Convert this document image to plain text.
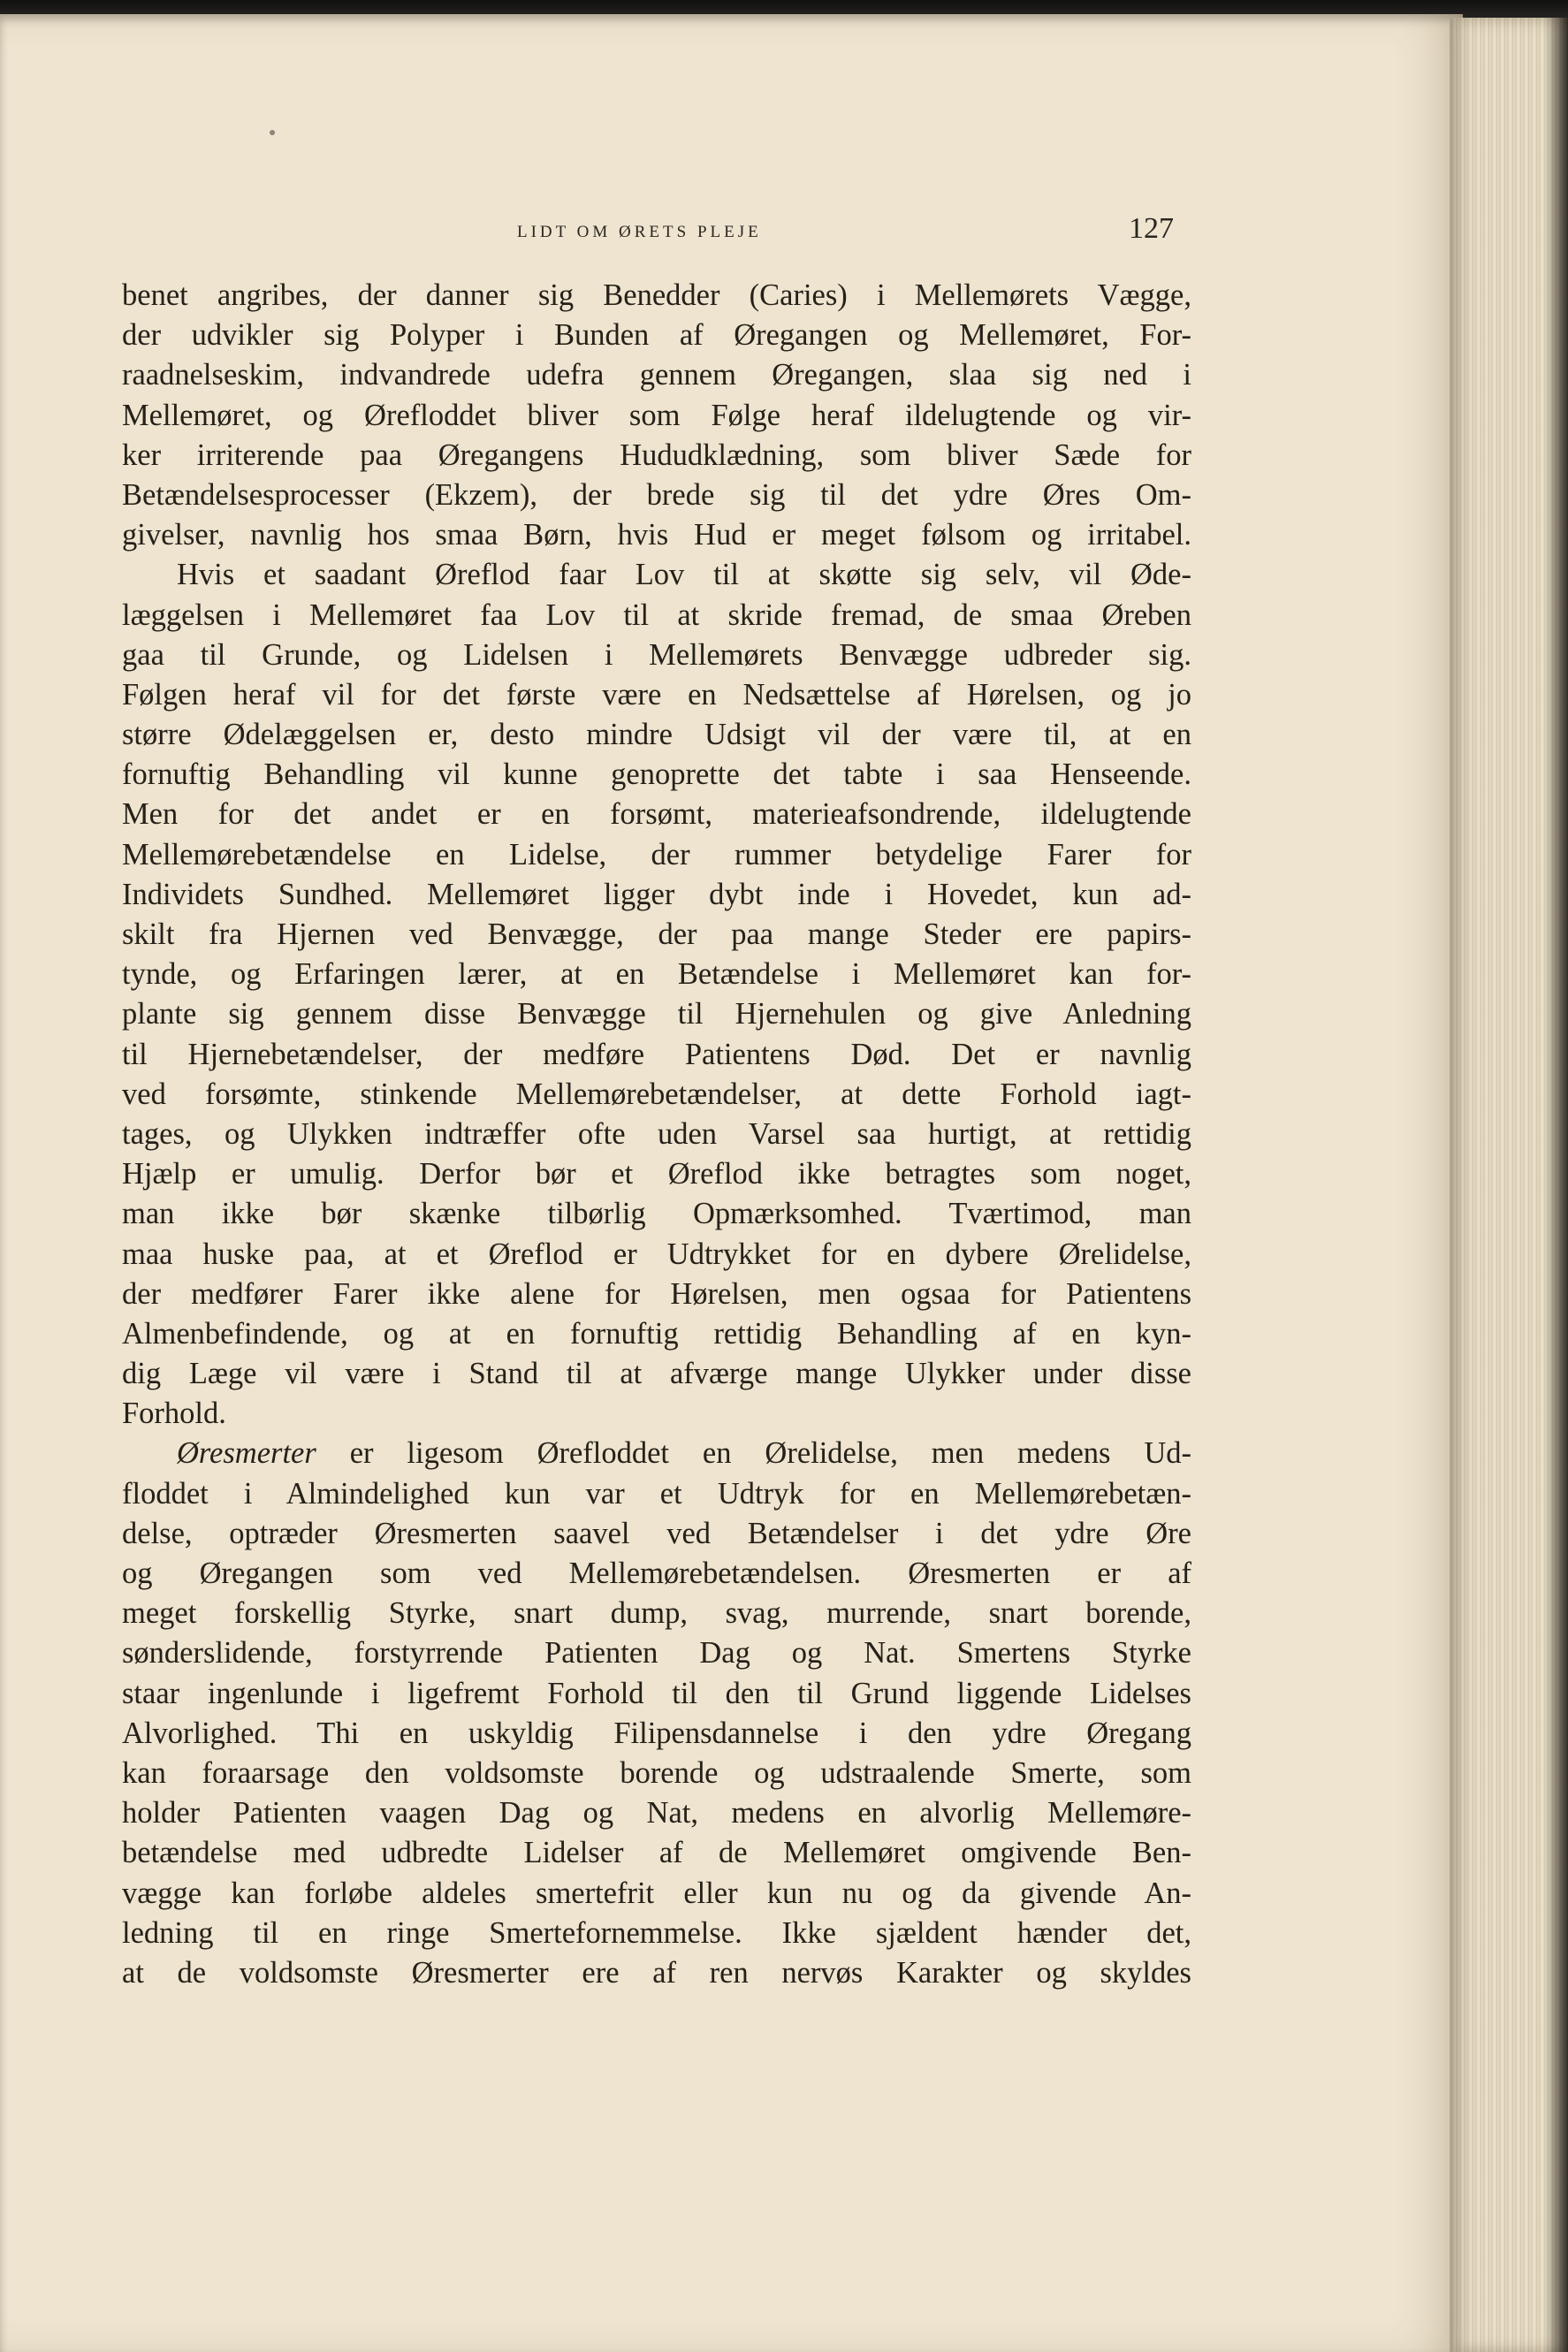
LIDT OM ØRETS PLEJE	127
benet angribes, der danner sig Benedder (Caries) i Mellemørets Vægge,
der udvikler sig Polyper i Bunden af Øregangen og Mellemøret, For-
raadnelseskim, indvandrede udefra gennem Øregangen, slaa sig ned i
Mellemøret, og Ørefloddet bliver som Følge heraf ildelugtende og vir-
ker irriterende paa Øregangens Hududklædning, som bliver Sæde for
Betændelsesprocesser (Ekzem), der brede sig til det ydre Øres Om-
givelser, navnlig hos smaa Børn, hvis Hud er meget følsom og irritabel.
Hvis et saadant Øreflod faar Lov til at skøtte sig selv, vil Øde-
læggelsen i Mellemøret faa Lov til at skride fremad, de smaa Øreben
gaa til Grunde, og Lidelsen i Mellemørets Benvægge udbreder sig.
Følgen heraf vil for det første være en Nedsættelse af Hørelsen, og jo
større Ødelæggelsen er, desto mindre Udsigt vil der være til, at en
fornuftig Behandling vil kunne genoprette det tabte i saa Henseende.
Men for det andet er en forsømt, materieafsondrende, ildelugtende
Mellemørebetændelse en Lidelse, der rummer betydelige Farer for
Individets Sundhed. Mellemøret ligger dybt inde i Hovedet, kun ad-
skilt fra Hjernen ved Benvægge, der paa mange Steder ere papirs-
tynde, og Erfaringen lærer, at en Betændelse i Mellemøret kan for-
plante sig gennem disse Benvægge til Hjernehulen og give Anledning
til Hjernebetændelser, der medføre Patientens Død. Det er navnlig
ved forsømte, stinkende Mellemørebetændelser, at dette Forhold iagt-
tages, og Ulykken indtræffer ofte uden Varsel saa hurtigt, at rettidig
Hjælp er umulig. Derfor bør et Øreflod ikke betragtes som noget,
man ikke bør skænke tilbørlig Opmærksomhed. Tværtimod, man
maa huske paa, at et Øreflod er Udtrykket for en dybere Ørelidelse,
der medfører Farer ikke alene for Hørelsen, men ogsaa for Patientens
Almenbefindende, og at en fornuftig rettidig Behandling af en kyn-
dig Læge vil være i Stand til at afværge mange Ulykker under disse
Forhold.
Øresmerter er ligesom Ørefloddet en Ørelidelse, men medens Ud-
floddet i Almindelighed kun var et Udtryk for en Mellemørebetæn-
delse, optræder Øresmerten saavel ved Betændelser i det ydre Øre
og Øregangen som ved Mellemørebetændelsen. Øresmerten er af
meget forskellig Styrke, snart dump, svag, murrende, snart borende,
sønderslidende, forstyrrende Patienten Dag og Nat. Smertens Styrke
staar ingenlunde i ligefremt Forhold til den til Grund liggende Lidelses
Alvorlighed. Thi en uskyldig Filipensdannelse i den ydre Øregang
kan foraarsage den voldsomste borende og udstraalende Smerte, som
holder Patienten vaagen Dag og Nat, medens en alvorlig Mellemøre-
betændelse med udbredte Lidelser af de Mellemøret omgivende Ben-
vægge kan forløbe aldeles smertefrit eller kun nu og da givende An-
ledning til en ringe Smertefornemmelse. Ikke sjældent hænder det,
at de voldsomste Øresmerter ere af ren nervøs Karakter og skyldes
